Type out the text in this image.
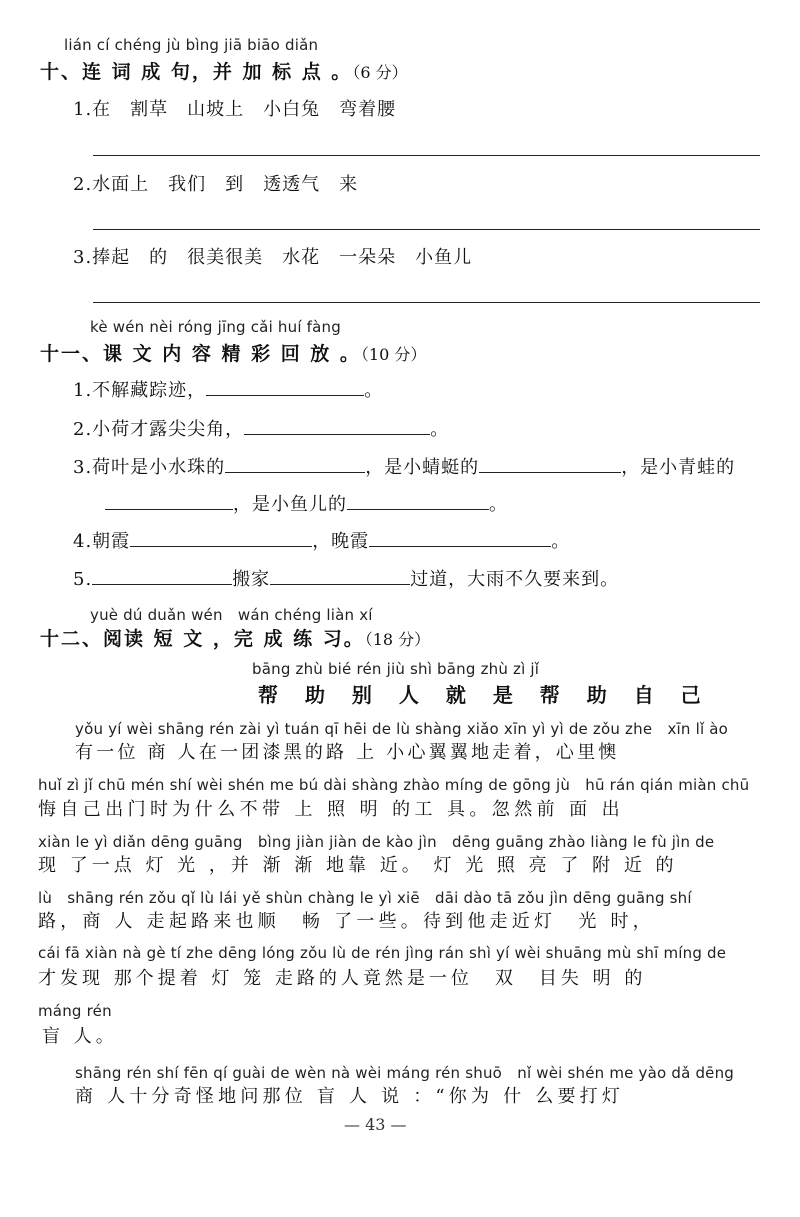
lián cí chéng jù bìng jiā biāo diǎn
十、连 词 成 句，并 加 标 点 。（6 分）
1.在　割草　山坡上　小白兔　弯着腰
2.水面上　我们　到　透透气　来
3.捧起　的　很美很美　水花　一朵朵　小鱼儿
kè wén nèi róng jīng cǎi huí fàng
十一、课 文 内 容 精 彩 回 放 。（10 分）
1.不解藏踪迹，	。
2.小荷才露尖尖角，	。
3.荷叶是小水珠的	，是小蜻蜓的	，是小青蛙的
，是小鱼儿的	。
4.朝霞	，晚霞	。
5.	搬家	过道，大雨不久要来到。
yuè dú duǎn wén　wán chéng liàn xí
十二、阅读 短 文 ，完 成 练 习。（18 分）
bāng zhù bié rén jiù shì bāng zhù zì jǐ
帮 助 别 人 就 是 帮 助 自 己
yǒu yí wèi shāng rén zài yì tuán qī hēi de lù shàng xiǎo xīn yì yì de zǒu zhe　xīn lǐ ào
有一位 商 人在一团漆黑的路 上 小心翼翼地走着，心里懊
huǐ zì jǐ chū mén shí wèi shén me bú dài shàng zhào míng de gōng jù　hū rán qián miàn chū
悔自己出门时为什么不带 上 照 明 的工 具。忽然前 面 出
xiàn le yì diǎn dēng guāng　bìng jiàn jiàn de kào jìn　dēng guāng zhào liàng le fù jìn de
现 了一点 灯 光 ，并 渐 渐 地靠 近。 灯 光 照 亮 了 附 近 的
lù　shāng rén zǒu qǐ lù lái yě shùn chàng le yì xiē　dāi dào tā zǒu jìn dēng guāng shí
路，商 人 走起路来也顺　畅 了一些。待到他走近灯　光 时，
cái fā xiàn nà gè tí zhe dēng lóng zǒu lù de rén jìng rán shì yí wèi shuāng mù shī míng de
才发现 那个提着 灯 笼 走路的人竟然是一位　双　目失 明 的
máng rén
盲 人。
shāng rén shí fēn qí guài de wèn nà wèi máng rén shuō　nǐ wèi shén me yào dǎ dēng
商 人十分奇怪地问那位 盲 人 说 ：“你为 什 么要打灯
— 43 —
